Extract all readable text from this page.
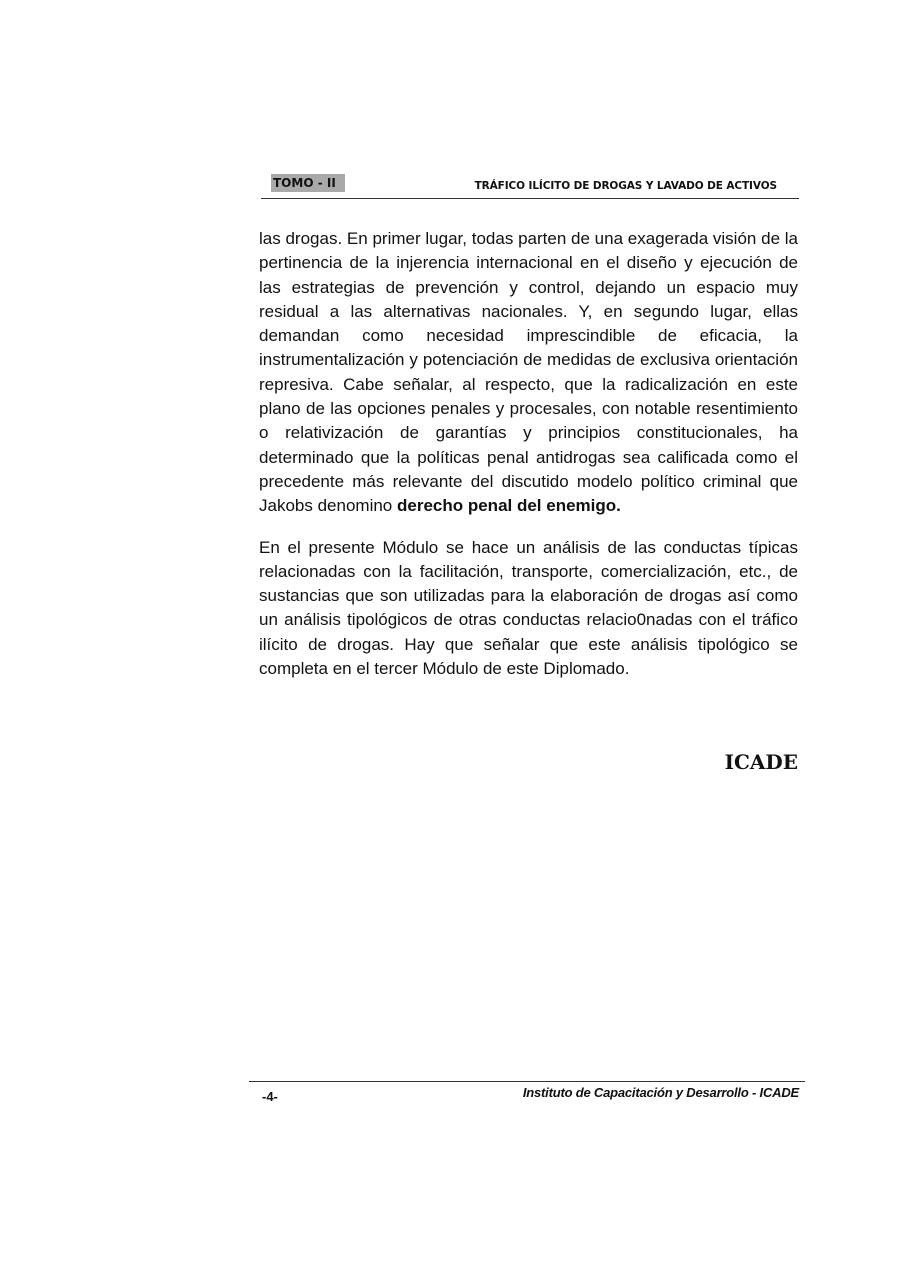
TOMO - II	TRÁFICO ILÍCITO DE DROGAS Y LAVADO DE ACTIVOS

las drogas. En primer lugar, todas parten de una exagerada visión de la pertinencia de la injerencia internacional en el diseño y ejecución de las estrategias de prevención y control, dejando un espacio muy residual a las alternativas nacionales. Y, en segundo lugar, ellas demandan como necesidad imprescindible de eficacia, la instrumentalización y potenciación de medidas de exclusiva orientación represiva. Cabe señalar, al respecto, que la radicalización en este plano de las opciones penales y procesales, con notable resentimiento o relativización de garantías y principios constitucionales, ha determinado que la políticas penal antidrogas sea calificada como el precedente más relevante del discutido modelo político criminal que Jakobs denomino derecho penal del enemigo.

En el presente Módulo se hace un análisis de las conductas típicas relacionadas con la facilitación, transporte, comercialización, etc., de sustancias que son utilizadas para la elaboración de drogas así como un análisis tipológicos de otras conductas relacio0nadas con el tráfico ilícito de drogas. Hay que señalar que este análisis tipológico se completa en el tercer Módulo de este Diplomado.

ICADE
-4-	Instituto de Capacitación y Desarrollo - ICADE
